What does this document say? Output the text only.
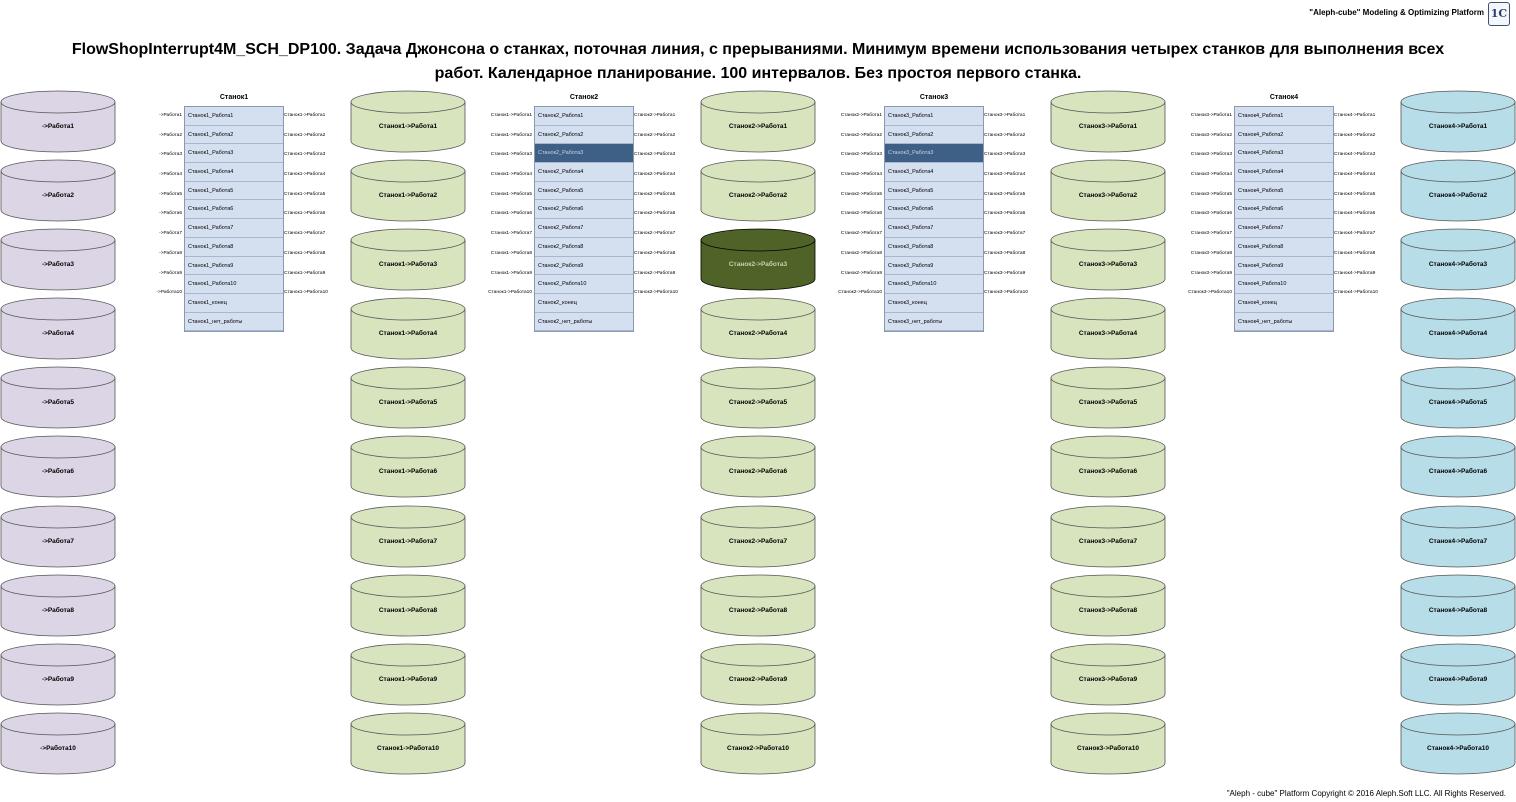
"Aleph-cube" Modeling & Optimizing Platform 1C
FlowShopInterrupt4M_SCH_DP100. Задача Джонсона о станках, поточная линия, с прерываниями. Минимум времени использования четырех станков для выполнения всех
работ. Календарное планирование. 100 интервалов. Без простоя первого станка.
->Работа1
->Работа2
->Работа3
->Работа4
->Работа5
->Работа6
->Работа7
->Работа8
->Работа9
->Работа10
Станок1->Работа1
Станок1->Работа2
Станок1->Работа3
Станок1->Работа4
Станок1->Работа5
Станок1->Работа6
Станок1->Работа7
Станок1->Работа8
Станок1->Работа9
Станок1->Работа10
Станок2->Работа1
Станок2->Работа2
Станок2->Работа3
Станок2->Работа4
Станок2->Работа5
Станок2->Работа6
Станок2->Работа7
Станок2->Работа8
Станок2->Работа9
Станок2->Работа10
Станок3->Работа1
Станок3->Работа2
Станок3->Работа3
Станок3->Работа4
Станок3->Работа5
Станок3->Работа6
Станок3->Работа7
Станок3->Работа8
Станок3->Работа9
Станок3->Работа10
Станок4->Работа1
Станок4->Работа2
Станок4->Работа3
Станок4->Работа4
Станок4->Работа5
Станок4->Работа6
Станок4->Работа7
Станок4->Работа8
Станок4->Работа9
Станок4->Работа10
Станок1
Станок1_Работа1
Станок1_Работа2
Станок1_Работа3
Станок1_Работа4
Станок1_Работа5
Станок1_Работа6
Станок1_Работа7
Станок1_Работа8
Станок1_Работа9
Станок1_Работа10
Станок1_конец
Станок1_нет_работы
->Работа1
->Работа2
->Работа3
->Работа4
->Работа5
->Работа6
->Работа7
->Работа8
->Работа9
->Работа10
Станок1->Работа1
Станок1->Работа2
Станок1->Работа3
Станок1->Работа4
Станок1->Работа5
Станок1->Работа6
Станок1->Работа7
Станок1->Работа8
Станок1->Работа9
Станок1->Работа10
Станок2
Станок2_Работа1
Станок2_Работа2
Станок2_Работа3
Станок2_Работа4
Станок2_Работа5
Станок2_Работа6
Станок2_Работа7
Станок2_Работа8
Станок2_Работа9
Станок2_Работа10
Станок2_конец
Станок2_нет_работы
Станок1->Работа1
Станок1->Работа2
Станок1->Работа3
Станок1->Работа4
Станок1->Работа5
Станок1->Работа6
Станок1->Работа7
Станок1->Работа8
Станок1->Работа9
Станок1->Работа10
Станок2->Работа1
Станок2->Работа2
Станок2->Работа3
Станок2->Работа4
Станок2->Работа5
Станок2->Работа6
Станок2->Работа7
Станок2->Работа8
Станок2->Работа9
Станок2->Работа10
Станок3
Станок3_Работа1
Станок3_Работа2
Станок3_Работа3
Станок3_Работа4
Станок3_Работа5
Станок3_Работа6
Станок3_Работа7
Станок3_Работа8
Станок3_Работа9
Станок3_Работа10
Станок3_конец
Станок3_нет_работы
Станок2->Работа1
Станок2->Работа2
Станок2->Работа3
Станок2->Работа4
Станок2->Работа5
Станок2->Работа6
Станок2->Работа7
Станок2->Работа8
Станок2->Работа9
Станок2->Работа10
Станок3->Работа1
Станок3->Работа2
Станок3->Работа3
Станок3->Работа4
Станок3->Работа5
Станок3->Работа6
Станок3->Работа7
Станок3->Работа8
Станок3->Работа9
Станок3->Работа10
Станок4
Станок4_Работа1
Станок4_Работа2
Станок4_Работа3
Станок4_Работа4
Станок4_Работа5
Станок4_Работа6
Станок4_Работа7
Станок4_Работа8
Станок4_Работа9
Станок4_Работа10
Станок4_конец
Станок4_нет_работы
Станок3->Работа1
Станок3->Работа2
Станок3->Работа3
Станок3->Работа4
Станок3->Работа5
Станок3->Работа6
Станок3->Работа7
Станок3->Работа8
Станок3->Работа9
Станок3->Работа10
Станок4->Работа1
Станок4->Работа2
Станок4->Работа3
Станок4->Работа4
Станок4->Работа5
Станок4->Работа6
Станок4->Работа7
Станок4->Работа8
Станок4->Работа9
Станок4->Работа10
"Aleph - cube" Platform Copyright © 2016 Aleph.Soft LLC. All Rights Reserved.
